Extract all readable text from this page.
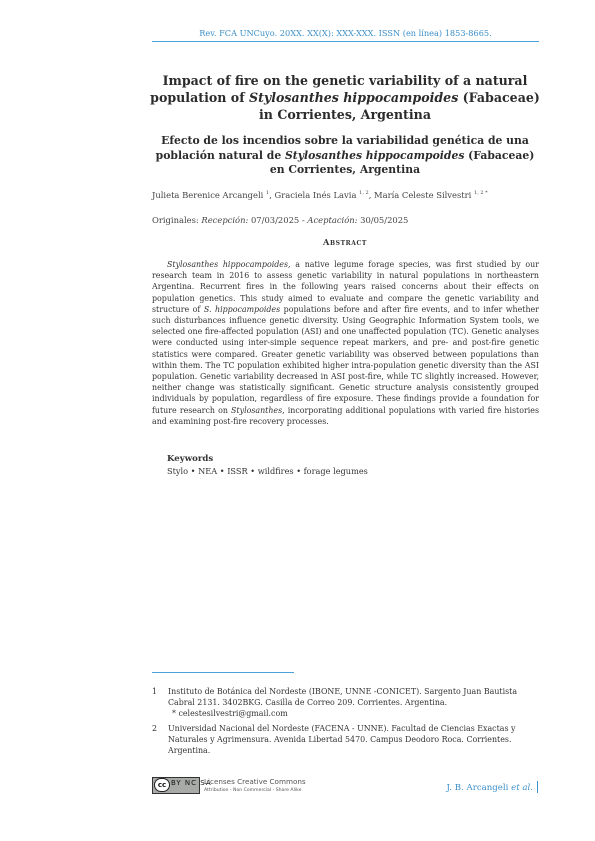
Rev. FCA UNCuyo. 20XX. XX(X): XXX-XXX. ISSN (en línea) 1853-8665.
Impact of fire on the genetic variability of a natural population of Stylosanthes hippocampoides (Fabaceae) in Corrientes, Argentina
Efecto de los incendios sobre la variabilidad genética de una población natural de Stylosanthes hippocampoides (Fabaceae) en Corrientes, Argentina
Julieta Berenice Arcangeli $^1$, Graciela Inés Lavia $^{1, 2}$, María Celeste Silvestri $^{1, 2 *}$
Originales: Recepción: 07/03/2025 - Aceptación: 30/05/2025
Abstract
Stylosanthes hippocampoides, a native legume forage species, was first studied by our research team in 2016 to assess genetic variability in natural populations in northeastern Argentina. Recurrent fires in the following years raised concerns about their effects on population genetics. This study aimed to evaluate and compare the genetic variability and structure of S. hippocampoides populations before and after fire events, and to infer whether such disturbances influence genetic diversity. Using Geographic Information System tools, we selected one fire-affected population (ASI) and one unaffected population (TC). Genetic analyses were conducted using inter-simple sequence repeat markers, and pre- and post-fire genetic statistics were compared. Greater genetic variability was observed between populations than within them. The TC population exhibited higher intra-population genetic diversity than the ASI population. Genetic variability decreased in ASI post-fire, while TC slightly increased. However, neither change was statistically significant. Genetic structure analysis consistently grouped individuals by population, regardless of fire exposure. These findings provide a foundation for future research on Stylosanthes, incorporating additional populations with varied fire histories and examining post-fire recovery processes.
Keywords
Stylo • NEA • ISSR • wildfires • forage legumes
1 Instituto de Botánica del Nordeste (IBONE, UNNE -CONICET). Sargento Juan Bautista Cabral 2131. 3402BKG. Casilla de Correo 209. Corrientes. Argentina.
* celestesilvestri@gmail.com
2 Universidad Nacional del Nordeste (FACENA - UNNE). Facultad de Ciencias Exactas y Naturales y Agrimensura. Avenida Libertad 5470. Campus Deodoro Roca. Corrientes. Argentina.
cc BY NC SA
Licenses Creative Commons
Attribution - Non Commercial - Share Alike	J. B. Arcangeli et al.
